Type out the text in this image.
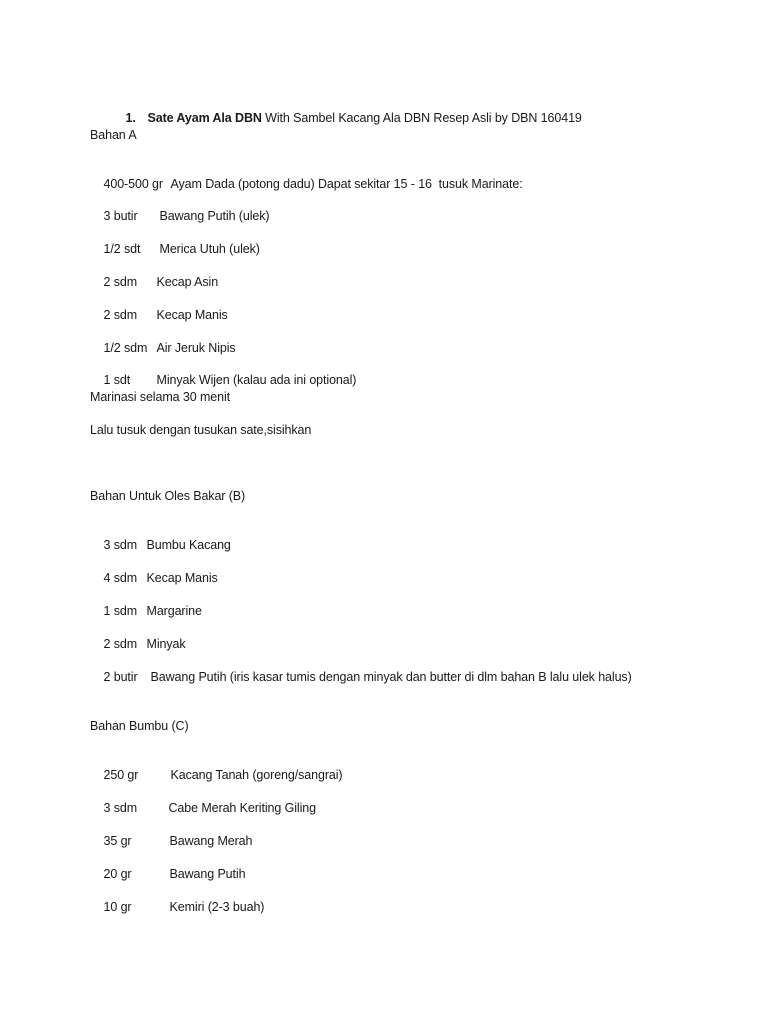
1. Sate Ayam Ala DBN With Sambel Kacang Ala DBN Resep Asli by DBN 160419

Bahan A

400-500 gr Ayam Dada (potong dadu) Dapat sekitar 15 - 16  tusuk Marinate:

3 butir Bawang Putih (ulek)

1/2 sdt Merica Utuh (ulek)

2 sdm Kecap Asin

2 sdm Kecap Manis

1/2 sdm Air Jeruk Nipis

1 sdt Minyak Wijen (kalau ada ini optional)

Marinasi selama 30 menit
Lalu tusuk dengan tusukan sate,sisihkan
Bahan Untuk Oles Bakar (B)

3 sdm Bumbu Kacang

4 sdm Kecap Manis

1 sdm Margarine

2 sdm Minyak

2 butir Bawang Putih (iris kasar tumis dengan minyak dan butter di dlm bahan B lalu ulek halus)

Bahan Bumbu (C)

250 gr	Kacang Tanah (goreng/sangrai)

3 sdm	Cabe Merah Keriting Giling

35 gr	Bawang Merah

20 gr	Bawang Putih

10 gr	Kemiri (2-3 buah)
